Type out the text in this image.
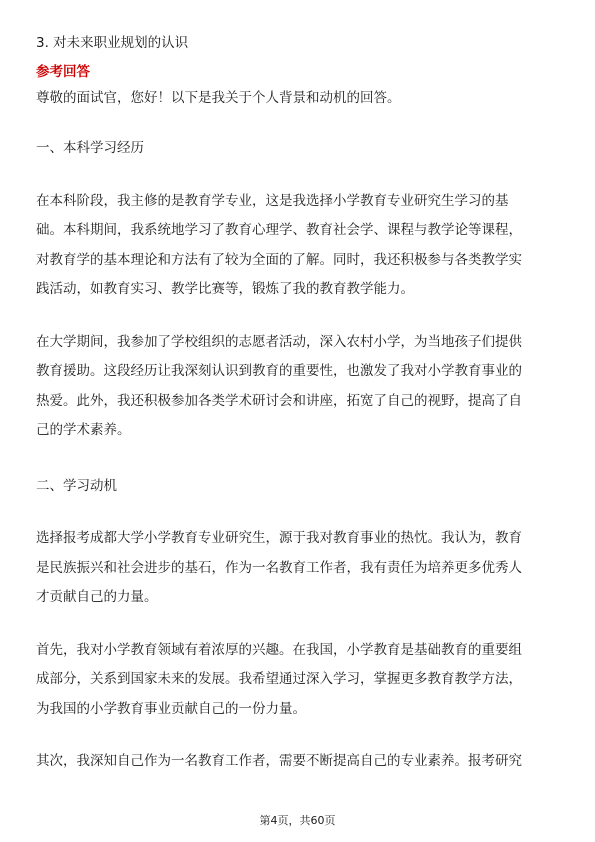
3. 对未来职业规划的认识

参考回答

尊敬的面试官，您好！以下是我关于个人背景和动机的回答。

一、本科学习经历

在本科阶段，我主修的是教育学专业，这是我选择小学教育专业研究生学习的基
础。本科期间，我系统地学习了教育心理学、教育社会学、课程与教学论等课程，
对教育学的基本理论和方法有了较为全面的了解。同时，我还积极参与各类教学实
践活动，如教育实习、教学比赛等，锻炼了我的教育教学能力。

在大学期间，我参加了学校组织的志愿者活动，深入农村小学，为当地孩子们提供
教育援助。这段经历让我深刻认识到教育的重要性，也激发了我对小学教育事业的
热爱。此外，我还积极参加各类学术研讨会和讲座，拓宽了自己的视野，提高了自
己的学术素养。

二、学习动机

选择报考成都大学小学教育专业研究生，源于我对教育事业的热忱。我认为，教育
是民族振兴和社会进步的基石，作为一名教育工作者，我有责任为培养更多优秀人
才贡献自己的力量。

首先，我对小学教育领域有着浓厚的兴趣。在我国，小学教育是基础教育的重要组
成部分，关系到国家未来的发展。我希望通过深入学习，掌握更多教育教学方法，
为我国的小学教育事业贡献自己的一份力量。

其次，我深知自己作为一名教育工作者，需要不断提高自己的专业素养。报考研究

第4页，共60页
